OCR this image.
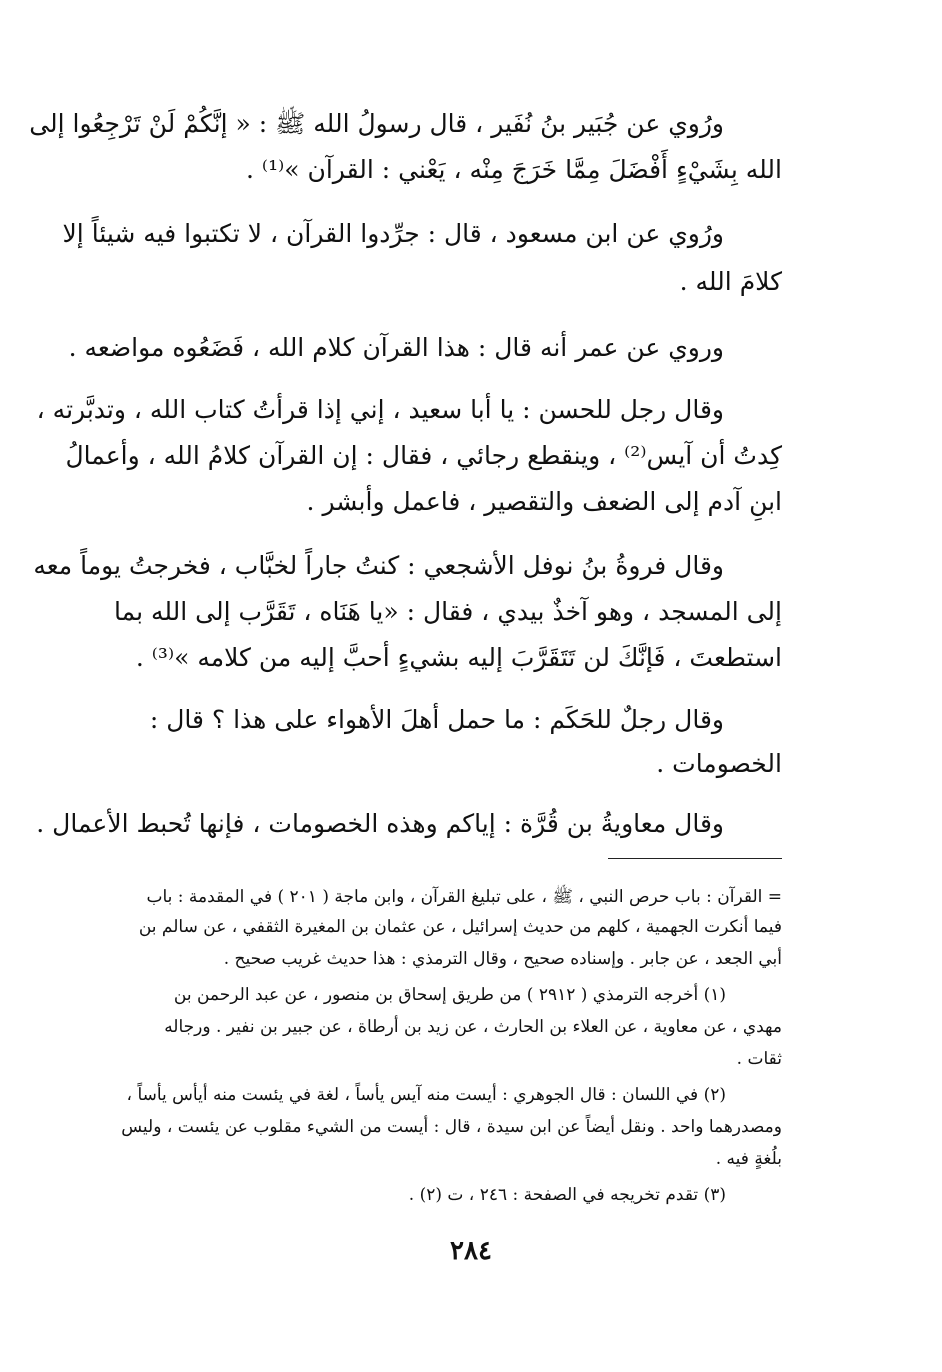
ورُوي عن جُبَير بنُ نُفَير ، قال رسولُ الله ﷺ : « إنَّكُمْ لَنْ تَرْجِعُوا إلى
الله بِشَيْءٍ أَفْضَلَ مِمَّا خَرَجَ مِنْه ، يَعْني : القرآن »⁽¹⁾ .
ورُوي عن ابن مسعود ، قال : جرِّدوا القرآن ، لا تكتبوا فيه شيئاً إلا
كلامَ الله .
وروي عن عمر أنه قال : هذا القرآن كلام الله ، فَضَعُوه مواضعه .
وقال رجل للحسن : يا أبا سعيد ، إني إذا قرأتُ كتاب الله ، وتدبَّرته ،
كِدتُ أن آيس⁽²⁾ ، وينقطع رجائي ، فقال : إن القرآن كلامُ الله ، وأعمالُ
ابنِ آدم إلى الضعف والتقصير ، فاعمل وأبشر .
وقال فروةُ بنُ نوفل الأشجعي : كنتُ جاراً لخبَّاب ، فخرجتُ يوماً معه
إلى المسجد ، وهو آخذٌ بيدي ، فقال : «يا هَنَاه ، تَقَرَّب إلى الله بما
استطعتَ ، فَإنَّكَ لن تَتَقَرَّبَ إليه بشيءٍ أحبَّ إليه من كلامه »⁽³⁾ .
وقال رجلٌ للحَكَم : ما حمل أهلَ الأهواء على هذا ؟ قال :
الخصومات .
وقال معاويةُ بن قُرَّة : إياكم وهذه الخصومات ، فإنها تُحبط الأعمال .
= القرآن : باب حرص النبي ، ﷺ ، على تبليغ القرآن ، وابن ماجة ( ٢٠١ ) في المقدمة : باب
فيما أنكرت الجهمية ، كلهم من حديث إسرائيل ، عن عثمان بن المغيرة الثقفي ، عن سالم بن
أبي الجعد ، عن جابر . وإسناده صحيح ، وقال الترمذي : هذا حديث غريب صحيح .
(١) أخرجه الترمذي ( ٢٩١٢ ) من طريق إسحاق بن منصور ، عن عبد الرحمن بن
مهدي ، عن معاوية ، عن العلاء بن الحارث ، عن زيد بن أرطاة ، عن جبير بن نفير . ورجاله
ثقات .
(٢) في اللسان : قال الجوهري : أيست منه آيس يأساً ، لغة في يئست منه أيأس يأساً ،
ومصدرهما واحد . ونقل أيضاً عن ابن سيدة ، قال : أيست من الشيء مقلوب عن يئست ، وليس
بلُغةٍ فيه .
(٣) تقدم تخريجه في الصفحة : ٢٤٦ ، ت (٢) .
٢٨٤
